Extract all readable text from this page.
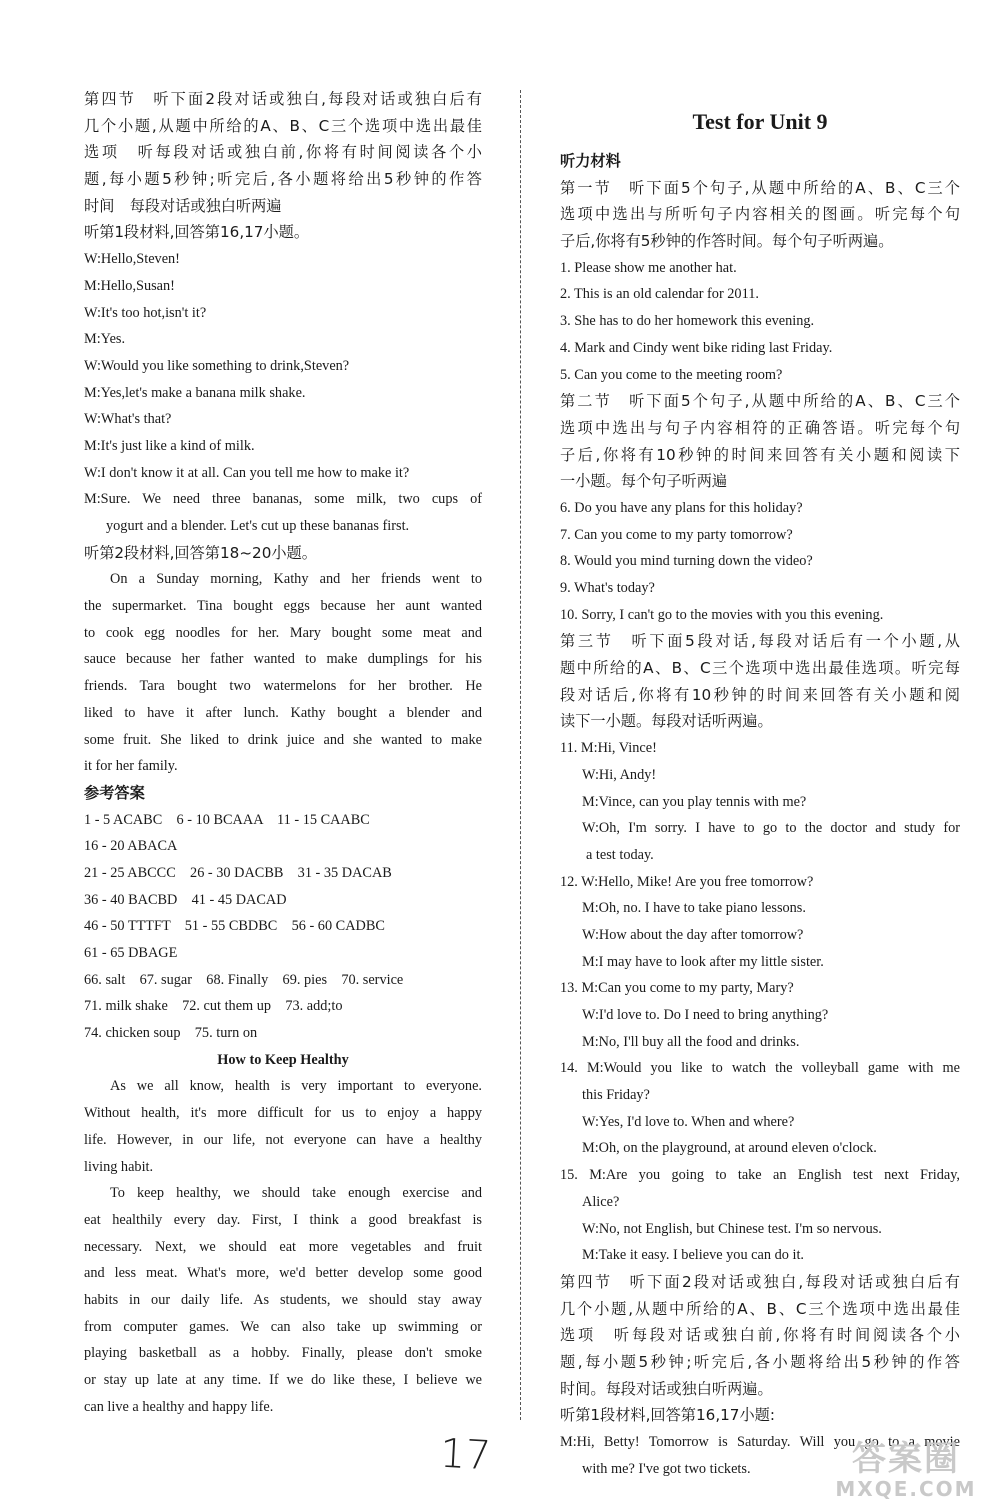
第四节　听下面2段对话或独白,每段对话或独白后有
几个小题,从题中所给的A、B、C三个选项中选出最佳
选项　听每段对话或独白前,你将有时间阅读各个小
题,每小题5秒钟;听完后,各小题将给出5秒钟的作答
时间　每段对话或独白听两遍
听第1段材料,回答第16,17小题。
W:Hello,Steven!
M:Hello,Susan!
W:It's too hot,isn't it?
M:Yes.
W:Would you like something to drink,Steven?
M:Yes,let's make a banana milk shake.
W:What's that?
M:It's just like a kind of milk.
W:I don't know it at all. Can you tell me how to make it?
M:Sure. We need three bananas, some milk, two cups of
yogurt and a blender. Let's cut up these bananas first.
听第2段材料,回答第18~20小题。
On a Sunday morning, Kathy and her friends went to
the supermarket. Tina bought eggs because her aunt wanted
to cook egg noodles for her. Mary bought some meat and
sauce because her father wanted to make dumplings for his
friends. Tara bought two watermelons for her brother. He
liked to have it after lunch. Kathy bought a blender and
some fruit. She liked to drink juice and she wanted to make
it for her family.
参考答案
1 - 5 ACABC　6 - 10 BCAAA　11 - 15 CAABC
16 - 20 ABACA
21 - 25 ABCCC　26 - 30 DACBB　31 - 35 DACAB
36 - 40 BACBD　41 - 45 DACAD
46 - 50 TTTFT　51 - 55 CBDBC　56 - 60 CADBC
61 - 65 DBAGE
66. salt　67. sugar　68. Finally　69. pies　70. service
71. milk shake　72. cut them up　73. add;to
74. chicken soup　75. turn on
How to Keep Healthy
As we all know, health is very important to everyone.
Without health, it's more difficult for us to enjoy a happy
life. However, in our life, not everyone can have a healthy
living habit.
To keep healthy, we should take enough exercise and
eat healthily every day. First, I think a good breakfast is
necessary. Next, we should eat more vegetables and fruit
and less meat. What's more, we'd better develop some good
habits in our daily life. As students, we should stay away
from computer games. We can also take up swimming or
playing basketball as a hobby. Finally, please don't smoke
or stay up late at any time. If we do like these, I believe we
can live a healthy and happy life.
Test for Unit 9
听力材料
第一节　听下面5个句子,从题中所给的A、B、C三个
选项中选出与所听句子内容相关的图画。听完每个句
子后,你将有5秒钟的作答时间。每个句子听两遍。
1. Please show me another hat.
2. This is an old calendar for 2011.
3. She has to do her homework this evening.
4. Mark and Cindy went bike riding last Friday.
5. Can you come to the meeting room?
第二节　听下面5个句子,从题中所给的A、B、C三个
选项中选出与句子内容相符的正确答语。听完每个句
子后,你将有10秒钟的时间来回答有关小题和阅读下
一小题。每个句子听两遍
6. Do you have any plans for this holiday?
7. Can you come to my party tomorrow?
8. Would you mind turning down the video?
9. What's today?
10. Sorry, I can't go to the movies with you this evening.
第三节　听下面5段对话,每段对话后有一个小题,从
题中所给的A、B、C三个选项中选出最佳选项。听完每
段对话后,你将有10秒钟的时间来回答有关小题和阅
读下一小题。每段对话听两遍。
11. M:Hi, Vince!
W:Hi, Andy!
M:Vince, can you play tennis with me?
W:Oh, I'm sorry. I have to go to the doctor and study for
a test today.
12. W:Hello, Mike! Are you free tomorrow?
M:Oh, no. I have to take piano lessons.
W:How about the day after tomorrow?
M:I may have to look after my little sister.
13. M:Can you come to my party, Mary?
W:I'd love to. Do I need to bring anything?
M:No, I'll buy all the food and drinks.
14. M:Would you like to watch the volleyball game with me
this Friday?
W:Yes, I'd love to. When and where?
M:Oh, on the playground, at around eleven o'clock.
15. M:Are you going to take an English test next Friday,
Alice?
W:No, not English, but Chinese test. I'm so nervous.
M:Take it easy. I believe you can do it.
第四节　听下面2段对话或独白,每段对话或独白后有
几个小题,从题中所给的A、B、C三个选项中选出最佳
选项　听每段对话或独白前,你将有时间阅读各个小
题,每小题5秒钟;听完后,各小题将给出5秒钟的作答
时间。每段对话或独白听两遍。
听第1段材料,回答第16,17小题:
M:Hi, Betty! Tomorrow is Saturday. Will you go to a movie
with me? I've got two tickets.
17	答案圈
MXQE.COM
